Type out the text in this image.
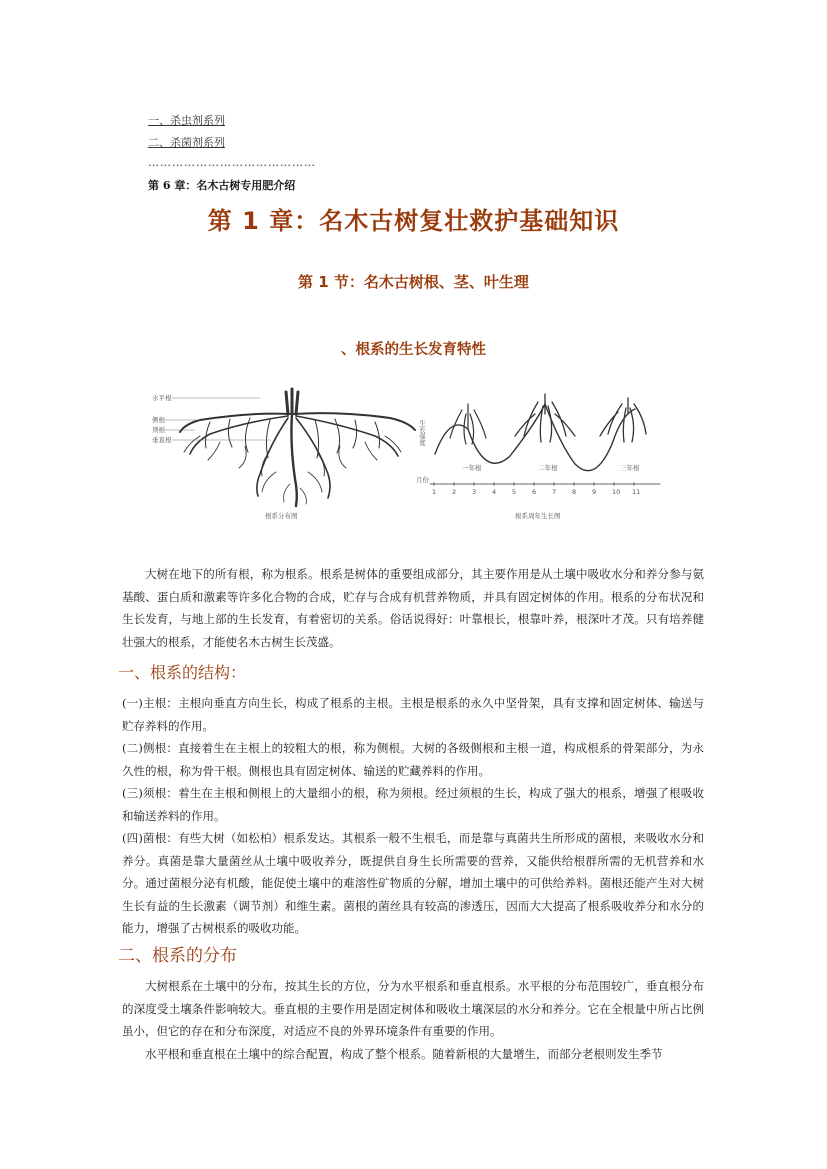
一、杀虫剂系列
二、杀菌剂系列
……………………………………
第 6 章：名木古树专用肥介绍
第 1 章：名木古树复壮救护基础知识
第 1 节：名木古树根、茎、叶生理
、根系的生长发育特性
水平根
侧根
须根
垂直根
根系分布图
生长强度
一年根	二年根	三年根
月份
1 2 3 4 5 6 7 8 9 10 11
根系周年生长图
大树在地下的所有根，称为根系。根系是树体的重要组成部分，其主要作用是从土壤中吸收水分和养分参与氨基酸、蛋白质和激素等许多化合物的合成，贮存与合成有机营养物质，并具有固定树体的作用。根系的分布状况和生长发育，与地上部的生长发育，有着密切的关系。俗话说得好：叶靠根长，根靠叶养，根深叶才茂。只有培养健壮强大的根系，才能使名木古树生长茂盛。
一、根系的结构：
(一)主根：主根向垂直方向生长，构成了根系的主根。主根是根系的永久中坚骨架，具有支撑和固定树体、输送与贮存养料的作用。
(二)侧根：直接着生在主根上的较粗大的根，称为侧根。大树的各级侧根和主根一道，构成根系的骨架部分，为永久性的根，称为骨干根。侧根也具有固定树体、输送的贮藏养料的作用。
(三)须根：着生在主根和侧根上的大量细小的根，称为须根。经过须根的生长，构成了强大的根系，增强了根吸收和输送养料的作用。
(四)菌根：有些大树（如松柏）根系发达。其根系一般不生根毛，而是靠与真菌共生所形成的菌根，来吸收水分和养分。真菌是靠大量菌丝从土壤中吸收养分，既提供自身生长所需要的营养，又能供给根群所需的无机营养和水分。通过菌根分泌有机酸，能促使土壤中的难溶性矿物质的分解，增加土壤中的可供给养料。菌根还能产生对大树生长有益的生长激素（调节剂）和维生素。菌根的菌丝具有较高的渗透压，因而大大提高了根系吸收养分和水分的能力，增强了古树根系的吸收功能。
二、根系的分布
大树根系在土壤中的分布，按其生长的方位，分为水平根系和垂直根系。水平根的分布范围较广，垂直根分布的深度受土壤条件影响较大。垂直根的主要作用是固定树体和吸收土壤深层的水分和养分。它在全根量中所占比例虽小，但它的存在和分布深度，对适应不良的外界环境条件有重要的作用。
水平根和垂直根在土壤中的综合配置，构成了整个根系。随着新根的大量增生，而部分老根则发生季节
